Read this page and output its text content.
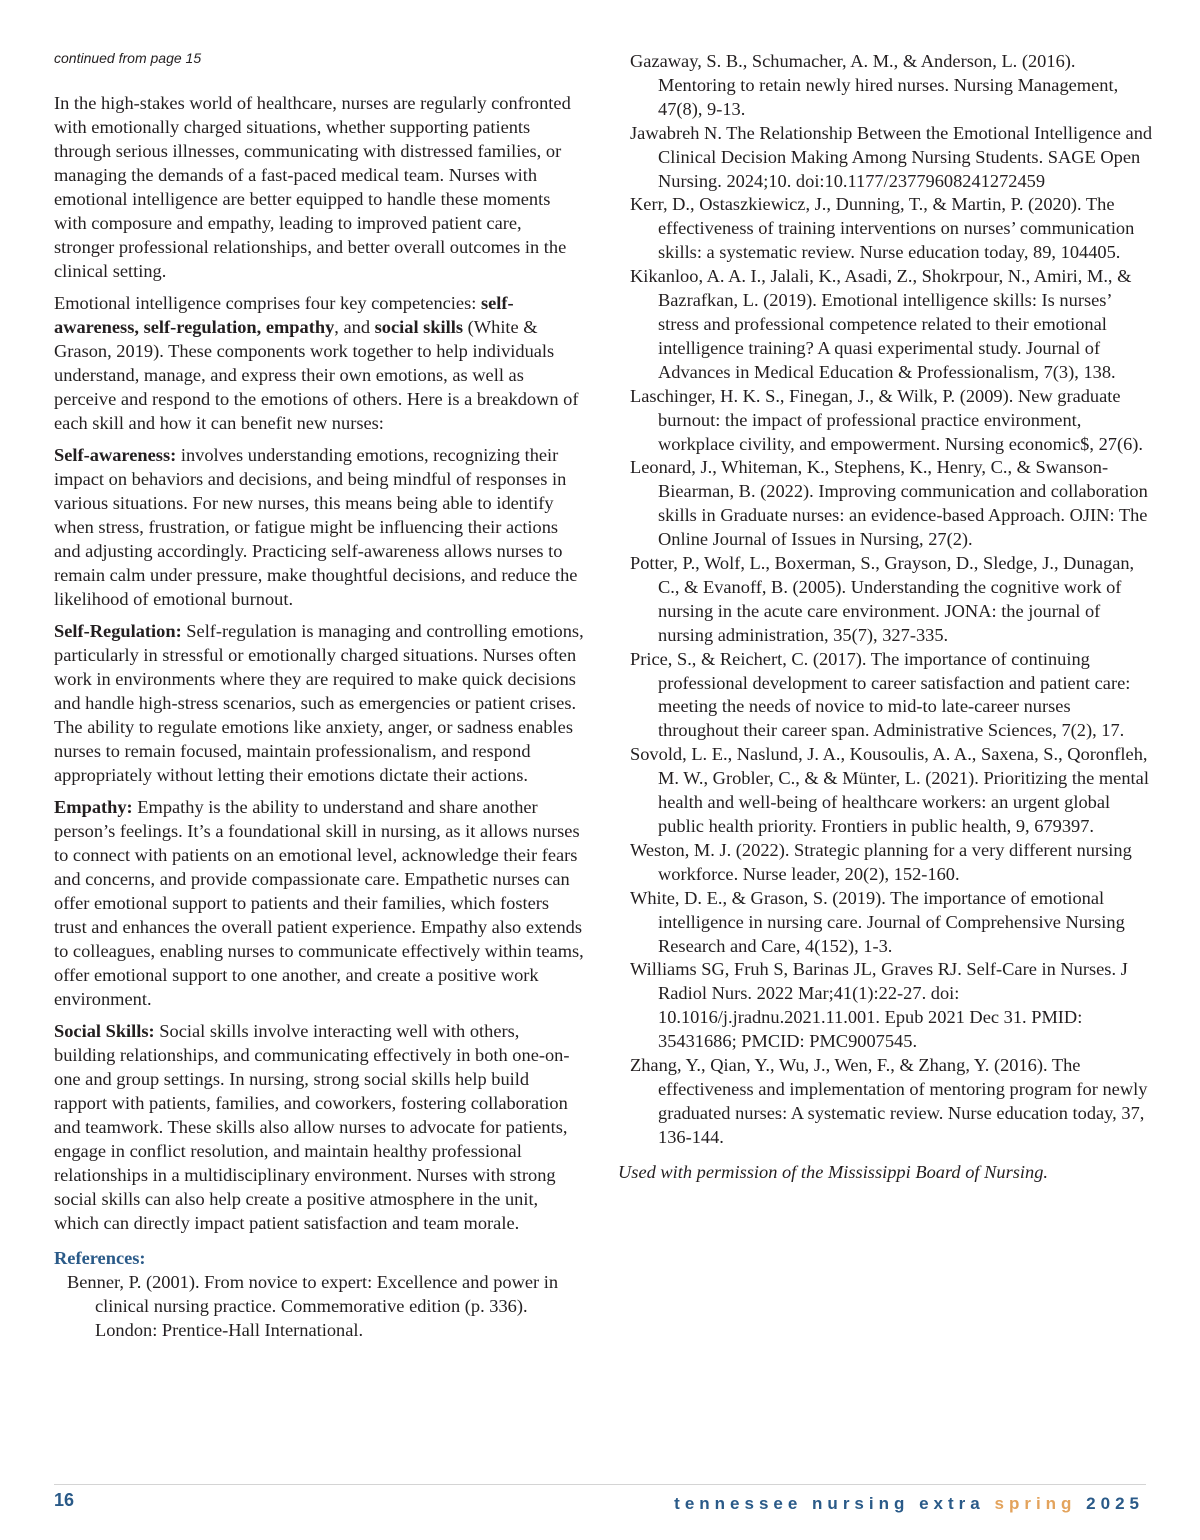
continued from page 15

In the high-stakes world of healthcare, nurses are regularly confronted with emotionally charged situations, whether supporting patients through serious illnesses, communicating with distressed families, or managing the demands of a fast-paced medical team. Nurses with emotional intelligence are better equipped to handle these moments with composure and empathy, leading to improved patient care, stronger professional relationships, and better overall outcomes in the clinical setting.

Emotional intelligence comprises four key competencies: self-awareness, self-regulation, empathy, and social skills (White & Grason, 2019). These components work together to help individuals understand, manage, and express their own emotions, as well as perceive and respond to the emotions of others. Here is a breakdown of each skill and how it can benefit new nurses:

Self-awareness: involves understanding emotions, recognizing their impact on behaviors and decisions, and being mindful of responses in various situations. For new nurses, this means being able to identify when stress, frustration, or fatigue might be influencing their actions and adjusting accordingly. Practicing self-awareness allows nurses to remain calm under pressure, make thoughtful decisions, and reduce the likelihood of emotional burnout.

Self-Regulation: Self-regulation is managing and controlling emotions, particularly in stressful or emotionally charged situations. Nurses often work in environments where they are required to make quick decisions and handle high-stress scenarios, such as emergencies or patient crises. The ability to regulate emotions like anxiety, anger, or sadness enables nurses to remain focused, maintain professionalism, and respond appropriately without letting their emotions dictate their actions.

Empathy: Empathy is the ability to understand and share another person’s feelings. It’s a foundational skill in nursing, as it allows nurses to connect with patients on an emotional level, acknowledge their fears and concerns, and provide compassionate care. Empathetic nurses can offer emotional support to patients and their families, which fosters trust and enhances the overall patient experience. Empathy also extends to colleagues, enabling nurses to communicate effectively within teams, offer emotional support to one another, and create a positive work environment.

Social Skills: Social skills involve interacting well with others, building relationships, and communicating effectively in both one-on-one and group settings. In nursing, strong social skills help build rapport with patients, families, and coworkers, fostering collaboration and teamwork. These skills also allow nurses to advocate for patients, engage in conflict resolution, and maintain healthy professional relationships in a multidisciplinary environment. Nurses with strong social skills can also help create a positive atmosphere in the unit, which can directly impact patient satisfaction and team morale.

References:

Benner, P. (2001). From novice to expert: Excellence and power in clinical nursing practice. Commemorative edition (p. 336). London: Prentice-Hall International.

Gazaway, S. B., Schumacher, A. M., & Anderson, L. (2016). Mentoring to retain newly hired nurses. Nursing Management, 47(8), 9-13.

Jawabreh N. The Relationship Between the Emotional Intelligence and Clinical Decision Making Among Nursing Students. SAGE Open Nursing. 2024;10. doi:10.1177/23779608241272459

Kerr, D., Ostaszkiewicz, J., Dunning, T., & Martin, P. (2020). The effectiveness of training interventions on nurses’ communication skills: a systematic review. Nurse education today, 89, 104405.

Kikanloo, A. A. I., Jalali, K., Asadi, Z., Shokrpour, N., Amiri, M., & Bazrafkan, L. (2019). Emotional intelligence skills: Is nurses’ stress and professional competence related to their emotional intelligence training? A quasi experimental study. Journal of Advances in Medical Education & Professionalism, 7(3), 138.

Laschinger, H. K. S., Finegan, J., & Wilk, P. (2009). New graduate burnout: the impact of professional practice environment, workplace civility, and empowerment. Nursing economic$, 27(6).

Leonard, J., Whiteman, K., Stephens, K., Henry, C., & Swanson-Biearman, B. (2022). Improving communication and collaboration skills in Graduate nurses: an evidence-based Approach. OJIN: The Online Journal of Issues in Nursing, 27(2).

Potter, P., Wolf, L., Boxerman, S., Grayson, D., Sledge, J., Dunagan, C., & Evanoff, B. (2005). Understanding the cognitive work of nursing in the acute care environment. JONA: the journal of nursing administration, 35(7), 327-335.

Price, S., & Reichert, C. (2017). The importance of continuing professional development to career satisfaction and patient care: meeting the needs of novice to mid-to late-career nurses throughout their career span. Administrative Sciences, 7(2), 17.

Sovold, L. E., Naslund, J. A., Kousoulis, A. A., Saxena, S., Qoronfleh, M. W., Grobler, C., & & Münter, L. (2021). Prioritizing the mental health and well-being of healthcare workers: an urgent global public health priority. Frontiers in public health, 9, 679397.

Weston, M. J. (2022). Strategic planning for a very different nursing workforce. Nurse leader, 20(2), 152-160.

White, D. E., & Grason, S. (2019). The importance of emotional intelligence in nursing care. Journal of Comprehensive Nursing Research and Care, 4(152), 1-3.

Williams SG, Fruh S, Barinas JL, Graves RJ. Self-Care in Nurses. J Radiol Nurs. 2022 Mar;41(1):22-27. doi: 10.1016/j.jradnu.2021.11.001. Epub 2021 Dec 31. PMID: 35431686; PMCID: PMC9007545.

Zhang, Y., Qian, Y., Wu, J., Wen, F., & Zhang, Y. (2016). The effectiveness and implementation of mentoring program for newly graduated nurses: A systematic review. Nurse education today, 37, 136-144.

Used with permission of the Mississippi Board of Nursing.

16	tennessee nursing extra spring 2025
